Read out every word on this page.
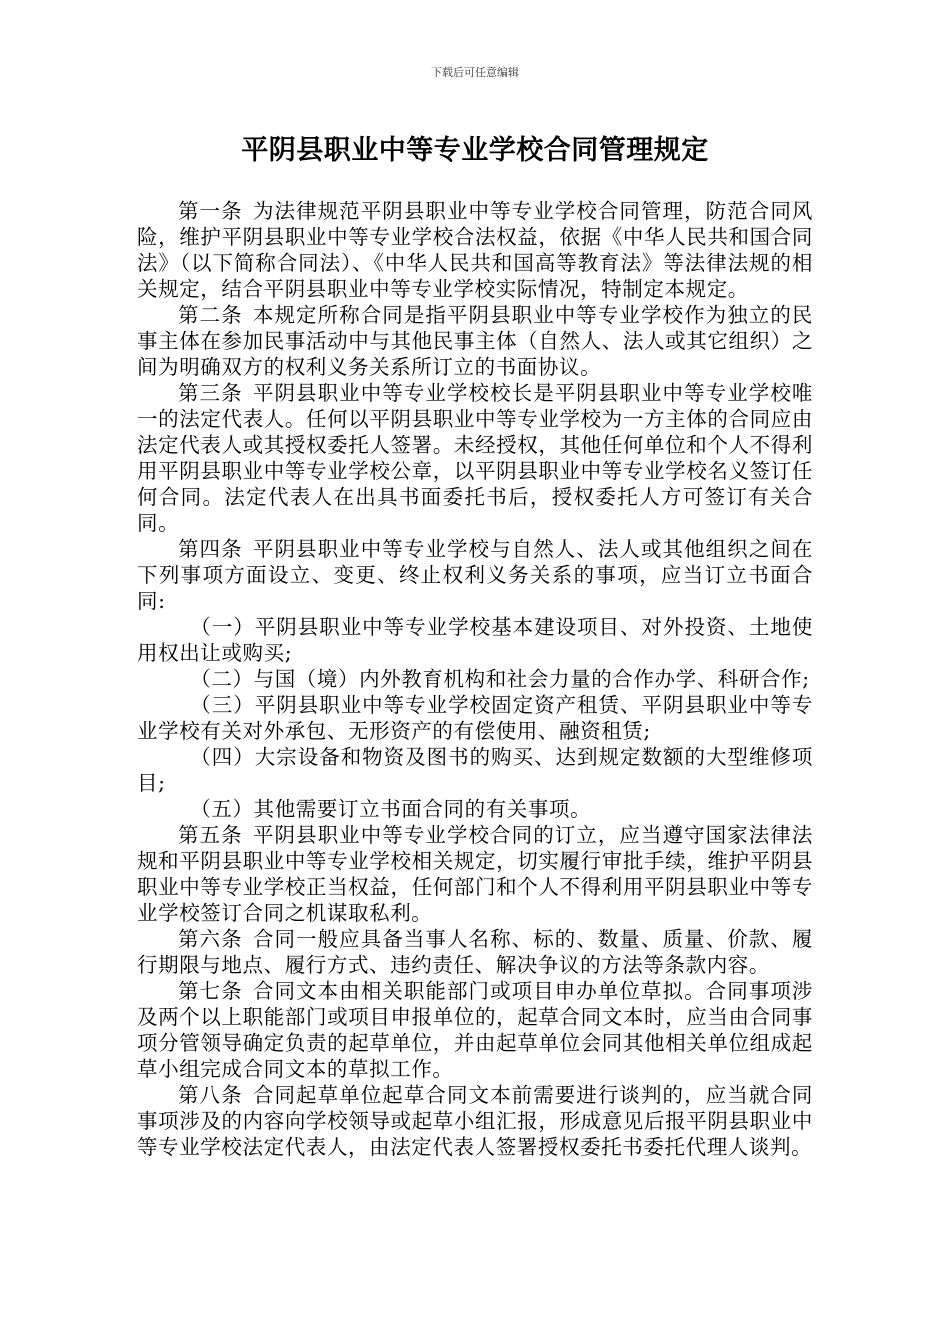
下载后可任意编辑
平阴县职业中等专业学校合同管理规定

第一条 为法律规范平阴县职业中等专业学校合同管理，防范合同风险，维护平阴县职业中等专业学校合法权益，依据《中华人民共和国合同法》（以下简称合同法）、《中华人民共和国高等教育法》等法律法规的相关规定，结合平阴县职业中等专业学校实际情况，特制定本规定。

第二条 本规定所称合同是指平阴县职业中等专业学校作为独立的民事主体在参加民事活动中与其他民事主体（自然人、法人或其它组织）之间为明确双方的权利义务关系所订立的书面协议。

第三条 平阴县职业中等专业学校校长是平阴县职业中等专业学校唯一的法定代表人。任何以平阴县职业中等专业学校为一方主体的合同应由法定代表人或其授权委托人签署。未经授权，其他任何单位和个人不得利用平阴县职业中等专业学校公章，以平阴县职业中等专业学校名义签订任何合同。法定代表人在出具书面委托书后，授权委托人方可签订有关合同。

第四条 平阴县职业中等专业学校与自然人、法人或其他组织之间在下列事项方面设立、变更、终止权利义务关系的事项，应当订立书面合同:

（一）平阴县职业中等专业学校基本建设项目、对外投资、土地使用权出让或购买;

（二）与国（境）内外教育机构和社会力量的合作办学、科研合作;

（三）平阴县职业中等专业学校固定资产租赁、平阴县职业中等专业学校有关对外承包、无形资产的有偿使用、融资租赁;

（四）大宗设备和物资及图书的购买、达到规定数额的大型维修项目;

（五）其他需要订立书面合同的有关事项。

第五条 平阴县职业中等专业学校合同的订立，应当遵守国家法律法规和平阴县职业中等专业学校相关规定，切实履行审批手续，维护平阴县职业中等专业学校正当权益，任何部门和个人不得利用平阴县职业中等专业学校签订合同之机谋取私利。

第六条 合同一般应具备当事人名称、标的、数量、质量、价款、履行期限与地点、履行方式、违约责任、解决争议的方法等条款内容。

第七条 合同文本由相关职能部门或项目申办单位草拟。合同事项涉及两个以上职能部门或项目申报单位的，起草合同文本时，应当由合同事项分管领导确定负责的起草单位，并由起草单位会同其他相关单位组成起草小组完成合同文本的草拟工作。

第八条 合同起草单位起草合同文本前需要进行谈判的，应当就合同事项涉及的内容向学校领导或起草小组汇报，形成意见后报平阴县职业中等专业学校法定代表人，由法定代表人签署授权委托书委托代理人谈判。
